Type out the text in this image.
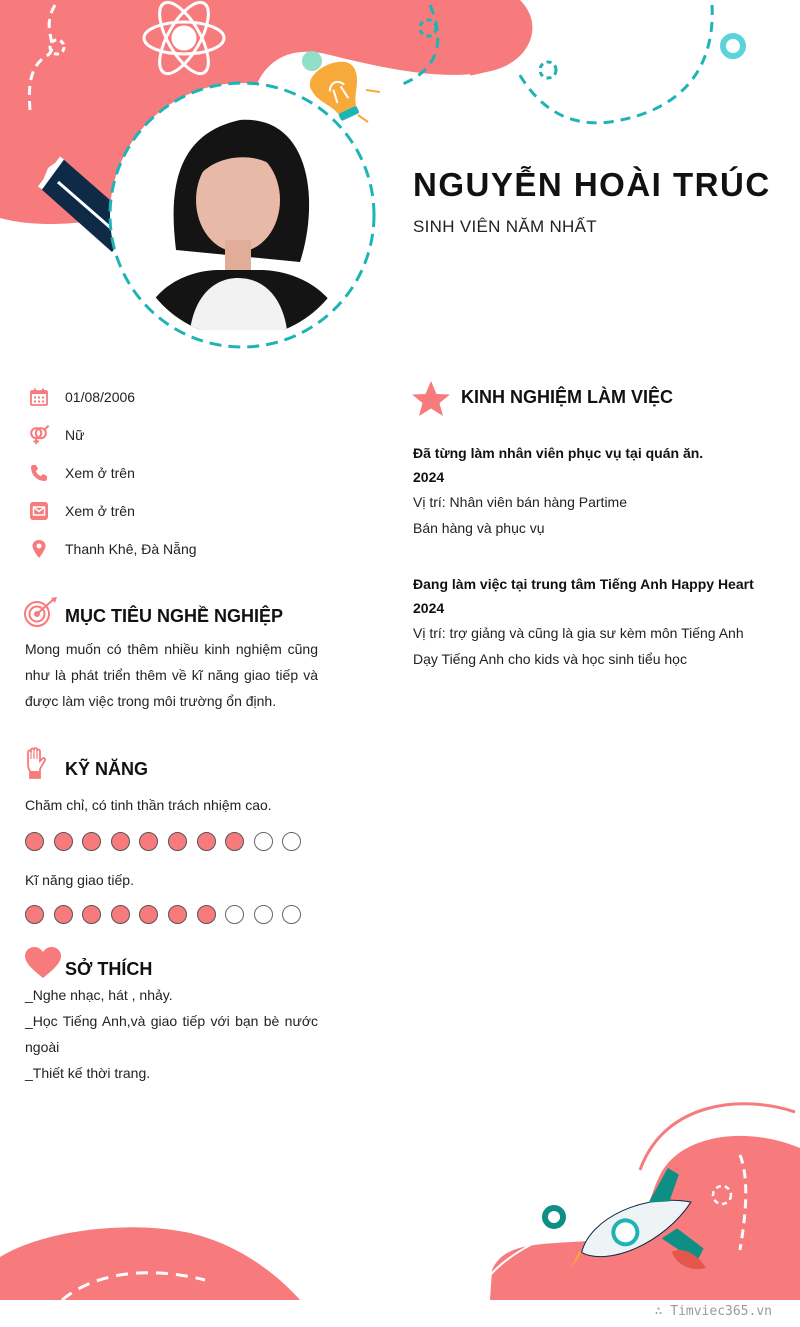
NGUYỄN HOÀI TRÚC
SINH VIÊN NĂM NHẤT
01/08/2006
Nữ
Xem ở trên
Xem ở trên
Thanh Khê, Đà Nẵng
MỤC TIÊU NGHỀ NGHIỆP
Mong muốn có thêm nhiều kinh nghiệm cũng
như là phát triển thêm về kĩ năng giao tiếp và
được làm việc trong môi trường ổn định.
KỸ NĂNG
Chăm chỉ, có tinh thần trách nhiệm cao.
Kĩ năng giao tiếp.
SỞ THÍCH
_Nghe nhạc, hát , nhảy.
_Học Tiếng Anh,và giao tiếp với bạn bè nước
ngoài
_Thiết kế thời trang.
KINH NGHIỆM LÀM VIỆC
Đã từng làm nhân viên phục vụ tại quán ăn.
2024
Vị trí: Nhân viên bán hàng Partime
Bán hàng và phục vụ
Đang làm việc tại trung tâm Tiếng Anh Happy Heart
2024
Vị trí: trợ giảng và cũng là gia sư kèm môn Tiếng Anh
Dạy Tiếng Anh cho kids và học sinh tiểu học
∴ Timviec365.vn
